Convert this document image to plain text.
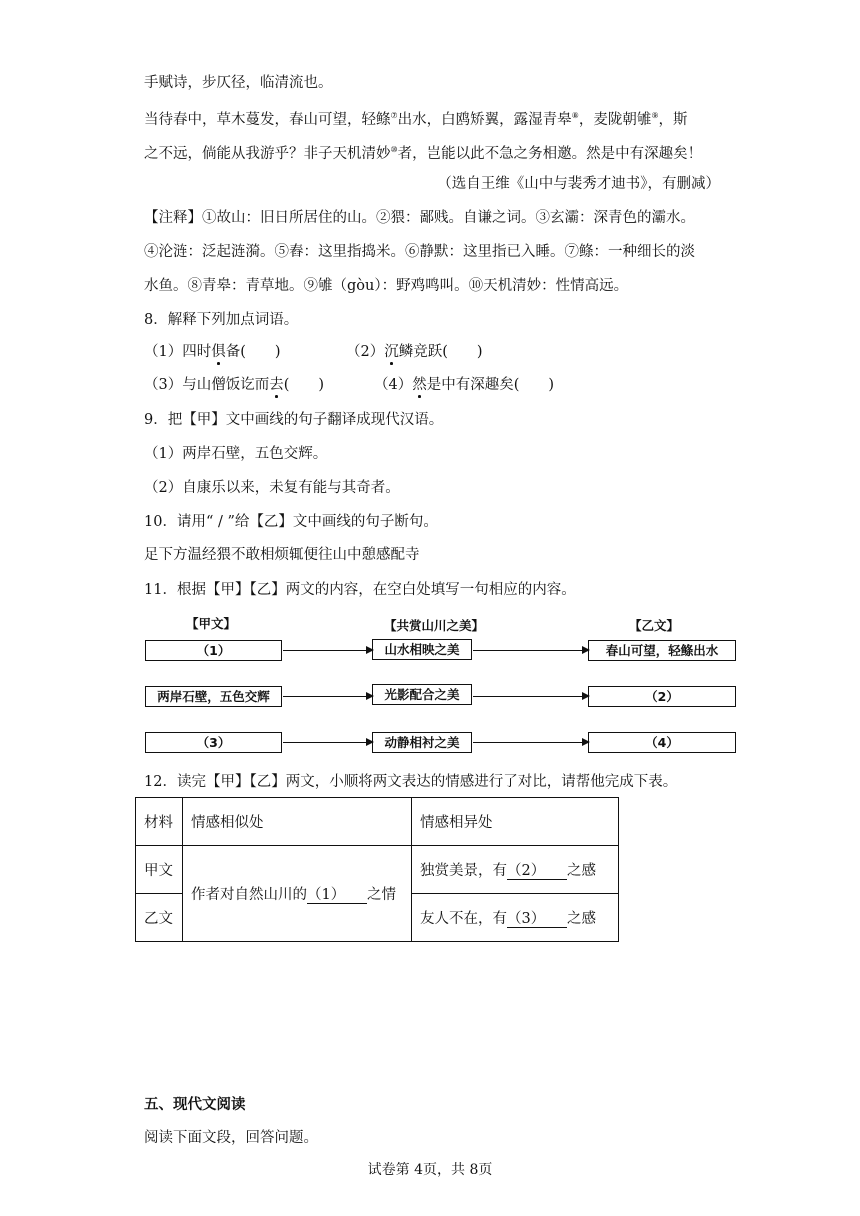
手赋诗，步仄径，临清流也。
当待春中，草木蔓发，春山可望，轻鲦⑦出水，白鸥矫翼，露湿青皋⑧，麦陇朝雊⑨，斯
之不远，倘能从我游乎？非子天机清妙⑩者，岂能以此不急之务相邀。然是中有深趣矣！
（选自王维《山中与裴秀才迪书》，有删减）
【注释】①故山：旧日所居住的山。②猥：鄙贱。自谦之词。③玄灞：深青色的灞水。
④沦涟：泛起涟漪。⑤舂：这里指捣米。⑥静默：这里指已入睡。⑦鲦：一种细长的淡
水鱼。⑧青皋：青草地。⑨雊（gòu）：野鸡鸣叫。⑩天机清妙：性情高远。
8．解释下列加点词语。
（1）四时俱备(　　)	（2）沉鳞竞跃(　　)
（3）与山僧饭讫而去(　　)	（4）然是中有深趣矣(　　)
9．把【甲】文中画线的句子翻译成现代汉语。
（1）两岸石壁，五色交辉。
（2）自康乐以来，未复有能与其奇者。
10．请用“ / ”给【乙】文中画线的句子断句。
足下方温经猥不敢相烦辄便往山中憩感配寺
11．根据【甲】【乙】两文的内容，在空白处填写一句相应的内容。
【甲文】	【共赏山川之美】	【乙文】
（1）	山水相映之美	春山可望，轻鲦出水
两岸石壁，五色交辉	光影配合之美	（2）
（3）	动静相衬之美	（4）
12．读完【甲】【乙】两文，小顺将两文表达的情感进行了对比，请帮他完成下表。
材料	情感相似处	情感相异处
甲文	作者对自然山川的（1）　　之情	独赏美景，有（2）　　之感
乙文		友人不在，有（3）　　之感
五、现代文阅读
阅读下面文段，回答问题。
试卷第 4页，共 8页
